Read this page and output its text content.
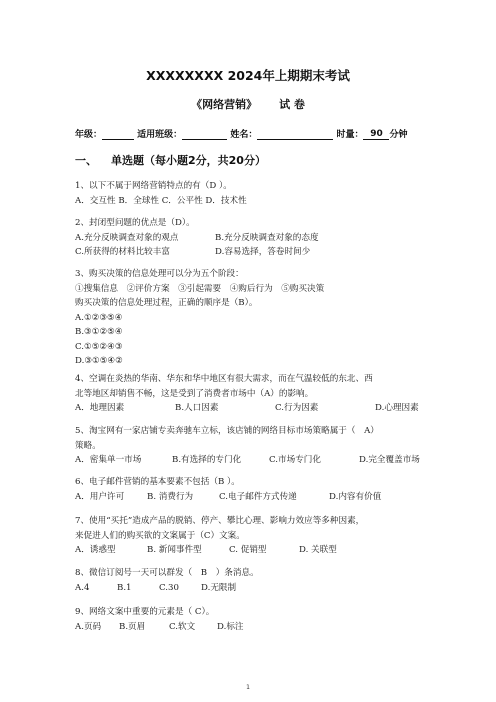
XXXXXXXX 2024年上期期末考试
《网络营销》 试 卷
年级：	适用班级：	姓名：	时量： 90 分钟
一、 单选题（每小题2分，共20分）
1、以下不属于网络营销特点的有（D ）。
A．交互性 B．全球性 C．公平性 D．技术性
2、封闭型问题的优点是（D）。
A.充分反映调查对象的观点	B.充分反映调查对象的态度
C.所获得的材料比较丰富	D.容易选择，答卷时间少
3、购买决策的信息处理可以分为五个阶段：
①搜集信息　②评价方案　③引起需要　④购后行为　⑤购买决策
购买决策的信息处理过程，正确的顺序是（B）。
A.①②③⑤④
B.③①②⑤④
C.①⑤②④③
D.③①⑤④②
4、空调在炎热的华南、华东和华中地区有很大需求，而在气温较低的东北、西
北等地区却销售不畅，这是受到了消费者市场中（A）的影响。
A．地理因素	B.人口因素	C.行为因素	D.心理因素
5、淘宝网有一家店铺专卖奔驰车立标，该店铺的网络目标市场策略属于（　A）
策略。
A．密集单一市场	B.有选择的专门化	C.市场专门化	D.完全覆盖市场
6、电子邮件营销的基本要素不包括（B ）。
A．用户许可	B. 消费行为	C.电子邮件方式传递	D.内容有价值
7、使用“买托”造成产品的脱销、停产、攀比心理、影响力效应等多种因素，
来促进人们的购买欲的文案属于（C）文案。
A．诱惑型	B. 新闻事件型	C. 促销型	D. 关联型
8、微信订阅号一天可以群发（　B　）条消息。
A.4	B.1	C.30	D.无限制
9、网络文案中重要的元素是（ C）。
A.页码	B.页眉	C.软文	D.标注
1
